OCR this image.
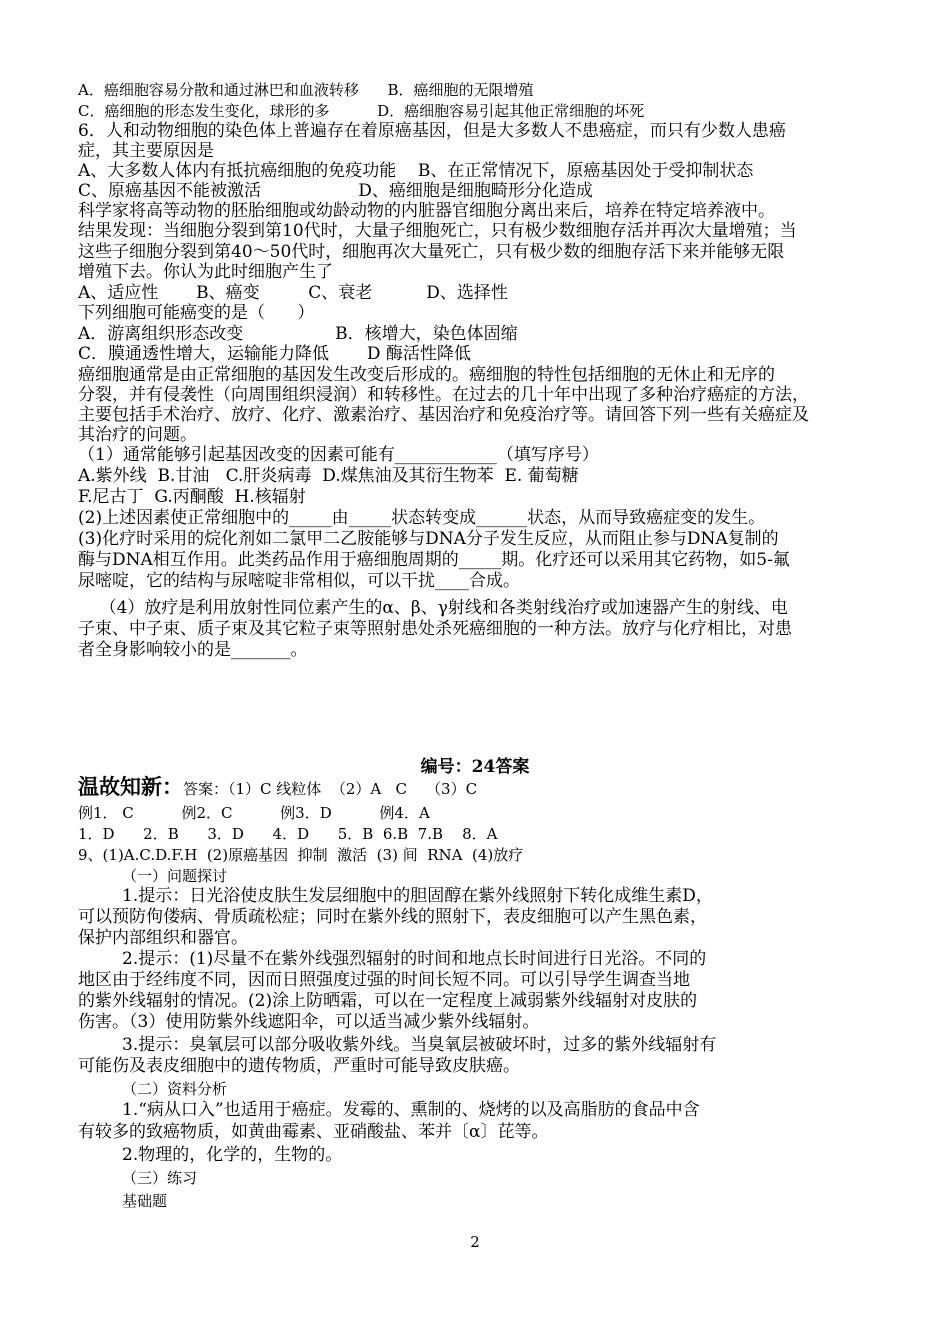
A．癌细胞容易分散和通过淋巴和血液转移      B．癌细胞的无限增殖
C．癌细胞的形态发生变化，球形的多          D．癌细胞容易引起其他正常细胞的坏死
6．人和动物细胞的染色体上普遍存在着原癌基因，但是大多数人不患癌症，而只有少数人患癌
症，其主要原因是
A、大多数人体内有抵抗癌细胞的免疫功能    B、在正常情况下，原癌基因处于受抑制状态
C、原癌基因不能被激活                  D、癌细胞是细胞畸形分化造成
科学家将高等动物的胚胎细胞或幼龄动物的内脏器官细胞分离出来后，培养在特定培养液中。
结果发现：当细胞分裂到第10代时，大量子细胞死亡，只有极少数细胞存活并再次大量增殖；当
这些子细胞分裂到第40～50代时，细胞再次大量死亡，只有极少数的细胞存活下来并能够无限
增殖下去。你认为此时细胞产生了
A、适应性       B、癌变         C、衰老          D、选择性
下列细胞可能癌变的是（      ）
A．游离组织形态改变                 B．核增大，染色体固缩
C．膜通透性增大，运输能力降低       D 酶活性降低
癌细胞通常是由正常细胞的基因发生改变后形成的。癌细胞的特性包括细胞的无休止和无序的
分裂，并有侵袭性（向周围组织浸润）和转移性。在过去的几十年中出现了多种治疗癌症的方法，
主要包括手术治疗、放疗、化疗、激素治疗、基因治疗和免疫治疗等。请回答下列一些有关癌症及
其治疗的问题。
（1）通常能够引起基因改变的因素可能有____________（填写序号）
A.紫外线  B.甘油   C.肝炎病毒  D.煤焦油及其衍生物苯  E. 葡萄糖
F.尼古丁  G.丙酮酸  H.核辐射
(2)上述因素使正常细胞中的_____由_____状态转变成______状态，从而导致癌症变的发生。
(3)化疗时采用的烷化剂如二氯甲二乙胺能够与DNA分子发生反应，从而阻止参与DNA复制的
酶与DNA相互作用。此类药品作用于癌细胞周期的_____期。化疗还可以采用其它药物，如5-氟
尿嘧啶，它的结构与尿嘧啶非常相似，可以干扰____合成。
（4）放疗是利用放射性同位素产生的α、β、γ射线和各类射线治疗或加速器产生的射线、电
子束、中子束、质子束及其它粒子束等照射患处杀死癌细胞的一种方法。放疗与化疗相比，对患
者全身影响较小的是_______。
编号：24答案
温故知新：答案：（1）C 线粒体  （2）A   C    （3）C
例1． C          例2．C          例3．D          例4．A
1．D      2．B      3．D      4．D      5．B  6.B  7.B    8．A
9、(1)A.C.D.F.H  (2)原癌基因  抑制  激活  (3) 间  RNA  (4)放疗
（一）问题探讨
1.提示：日光浴使皮肤生发层细胞中的胆固醇在紫外线照射下转化成维生素D，
可以预防佝偻病、骨质疏松症；同时在紫外线的照射下，表皮细胞可以产生黑色素，
保护内部组织和器官。
2.提示：(1)尽量不在紫外线强烈辐射的时间和地点长时间进行日光浴。不同的
地区由于经纬度不同，因而日照强度过强的时间长短不同。可以引导学生调查当地
的紫外线辐射的情况。(2)涂上防晒霜，可以在一定程度上减弱紫外线辐射对皮肤的
伤害。（3）使用防紫外线遮阳伞，可以适当减少紫外线辐射。
3.提示：臭氧层可以部分吸收紫外线。当臭氧层被破坏时，过多的紫外线辐射有
可能伤及表皮细胞中的遗传物质，严重时可能导致皮肤癌。
（二）资料分析
1.“病从口入”也适用于癌症。发霉的、熏制的、烧烤的以及高脂肪的食品中含
有较多的致癌物质，如黄曲霉素、亚硝酸盐、苯并〔α〕芘等。
2.物理的，化学的，生物的。
（三）练习
基础题
2
